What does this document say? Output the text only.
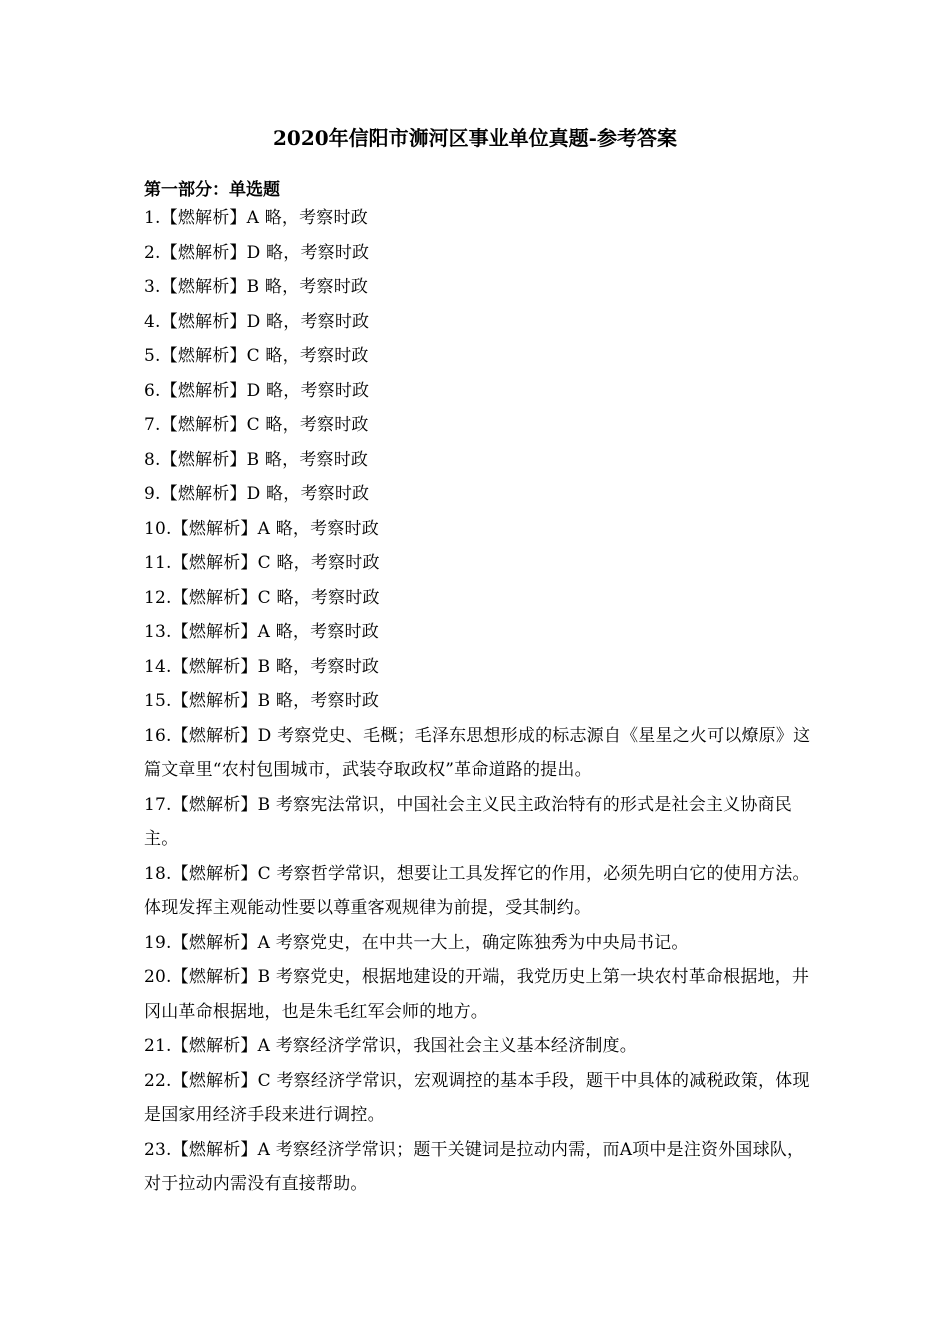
2020年信阳市浉河区事业单位真题-参考答案
第一部分：单选题
1.【燃解析】A 略，考察时政
2.【燃解析】D 略，考察时政
3.【燃解析】B 略，考察时政
4.【燃解析】D 略，考察时政
5.【燃解析】C 略，考察时政
6.【燃解析】D 略，考察时政
7.【燃解析】C 略，考察时政
8.【燃解析】B 略，考察时政
9.【燃解析】D 略，考察时政
10.【燃解析】A 略，考察时政
11.【燃解析】C 略，考察时政
12.【燃解析】C 略，考察时政
13.【燃解析】A 略，考察时政
14.【燃解析】B 略，考察时政
15.【燃解析】B 略，考察时政
16.【燃解析】D 考察党史、毛概；毛泽东思想形成的标志源自《星星之火可以燎原》这篇文章里“农村包围城市，武装夺取政权”革命道路的提出。
17.【燃解析】B 考察宪法常识，中国社会主义民主政治特有的形式是社会主义协商民主。
18.【燃解析】C 考察哲学常识，想要让工具发挥它的作用，必须先明白它的使用方法。体现发挥主观能动性要以尊重客观规律为前提，受其制约。
19.【燃解析】A 考察党史，在中共一大上，确定陈独秀为中央局书记。
20.【燃解析】B 考察党史，根据地建设的开端，我党历史上第一块农村革命根据地，井冈山革命根据地，也是朱毛红军会师的地方。
21.【燃解析】A 考察经济学常识，我国社会主义基本经济制度。
22.【燃解析】C 考察经济学常识，宏观调控的基本手段，题干中具体的减税政策，体现是国家用经济手段来进行调控。
23.【燃解析】A 考察经济学常识；题干关键词是拉动内需，而A项中是注资外国球队，对于拉动内需没有直接帮助。
